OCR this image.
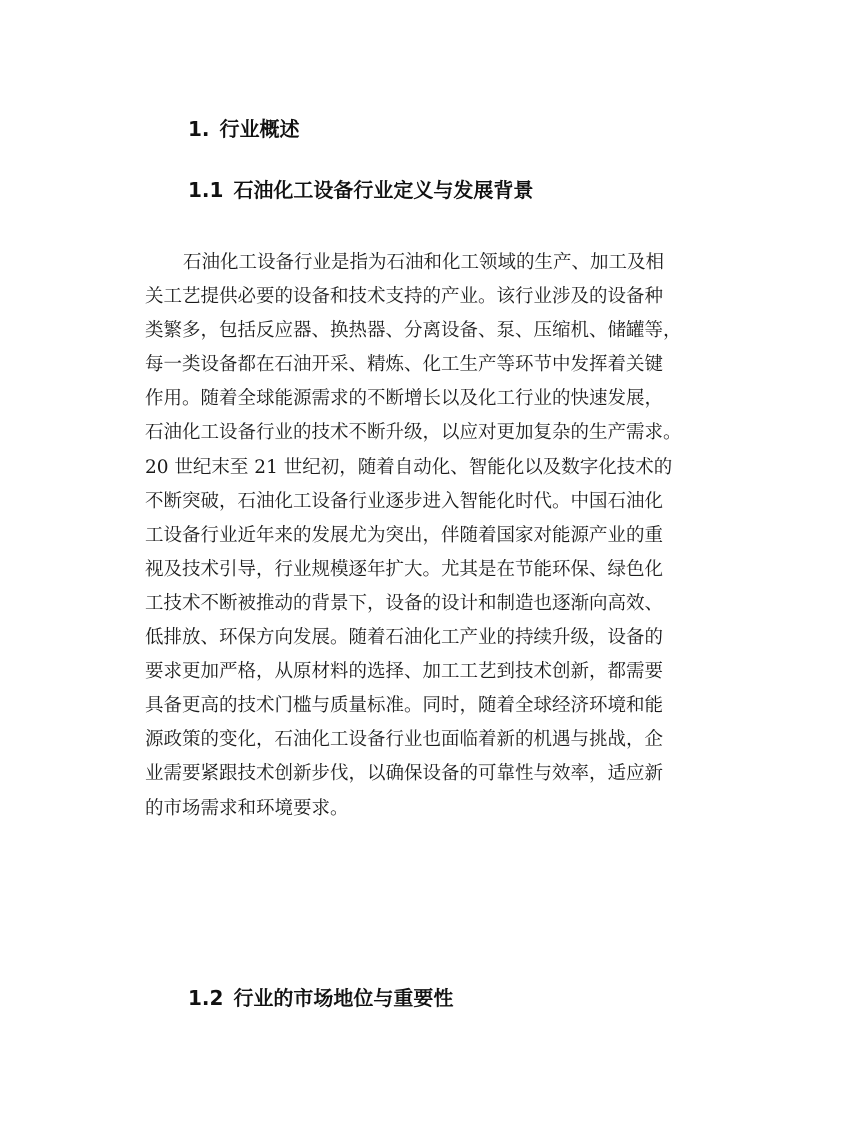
1. 行业概述
1.1 石油化工设备行业定义与发展背景
石油化工设备行业是指为石油和化工领域的生产、加工及相
关工艺提供必要的设备和技术支持的产业。该行业涉及的设备种
类繁多，包括反应器、换热器、分离设备、泵、压缩机、储罐等，
每一类设备都在石油开采、精炼、化工生产等环节中发挥着关键
作用。随着全球能源需求的不断增长以及化工行业的快速发展，
石油化工设备行业的技术不断升级，以应对更加复杂的生产需求。
20 世纪末至 21 世纪初，随着自动化、智能化以及数字化技术的
不断突破，石油化工设备行业逐步进入智能化时代。中国石油化
工设备行业近年来的发展尤为突出，伴随着国家对能源产业的重
视及技术引导，行业规模逐年扩大。尤其是在节能环保、绿色化
工技术不断被推动的背景下，设备的设计和制造也逐渐向高效、
低排放、环保方向发展。随着石油化工产业的持续升级，设备的
要求更加严格，从原材料的选择、加工工艺到技术创新，都需要
具备更高的技术门槛与质量标准。同时，随着全球经济环境和能
源政策的变化，石油化工设备行业也面临着新的机遇与挑战，企
业需要紧跟技术创新步伐，以确保设备的可靠性与效率，适应新
的市场需求和环境要求。
1.2 行业的市场地位与重要性
